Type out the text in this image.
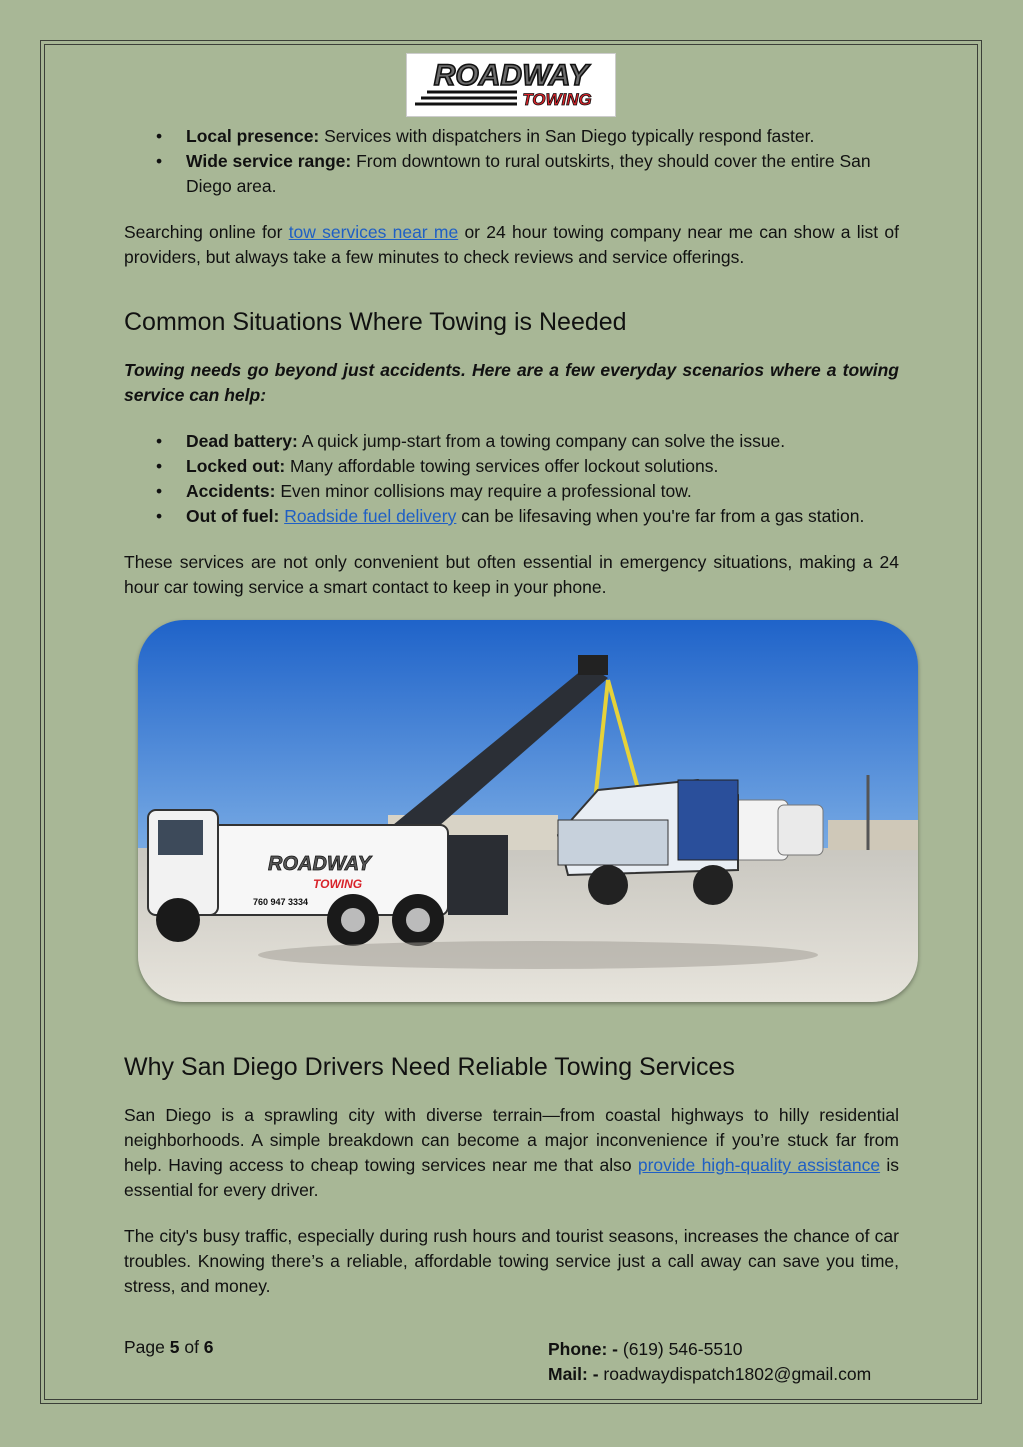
ROADWAY
TOWING
• Local presence: Services with dispatchers in San Diego typically respond faster.
• Wide service range: From downtown to rural outskirts, they should cover the entire San Diego area.

Searching online for tow services near me or 24 hour towing company near me can show a list of providers, but always take a few minutes to check reviews and service offerings.

Common Situations Where Towing is Needed

Towing needs go beyond just accidents. Here are a few everyday scenarios where a towing service can help:

• Dead battery: A quick jump-start from a towing company can solve the issue.
• Locked out: Many affordable towing services offer lockout solutions.
• Accidents: Even minor collisions may require a professional tow.
• Out of fuel: Roadside fuel delivery can be lifesaving when you're far from a gas station.

These services are not only convenient but often essential in emergency situations, making a 24 hour car towing service a smart contact to keep in your phone.

Why San Diego Drivers Need Reliable Towing Services

San Diego is a sprawling city with diverse terrain—from coastal highways to hilly residential neighborhoods. A simple breakdown can become a major inconvenience if you’re stuck far from help. Having access to cheap towing services near me that also provide high-quality assistance is essential for every driver.

The city's busy traffic, especially during rush hours and tourist seasons, increases the chance of car troubles. Knowing there’s a reliable, affordable towing service just a call away can save you time, stress, and money.

ROADWAY
TOWING
760 947 3334
Page 5 of 6	Phone: - (619) 546-5510
Mail: - roadwaydispatch1802@gmail.com
